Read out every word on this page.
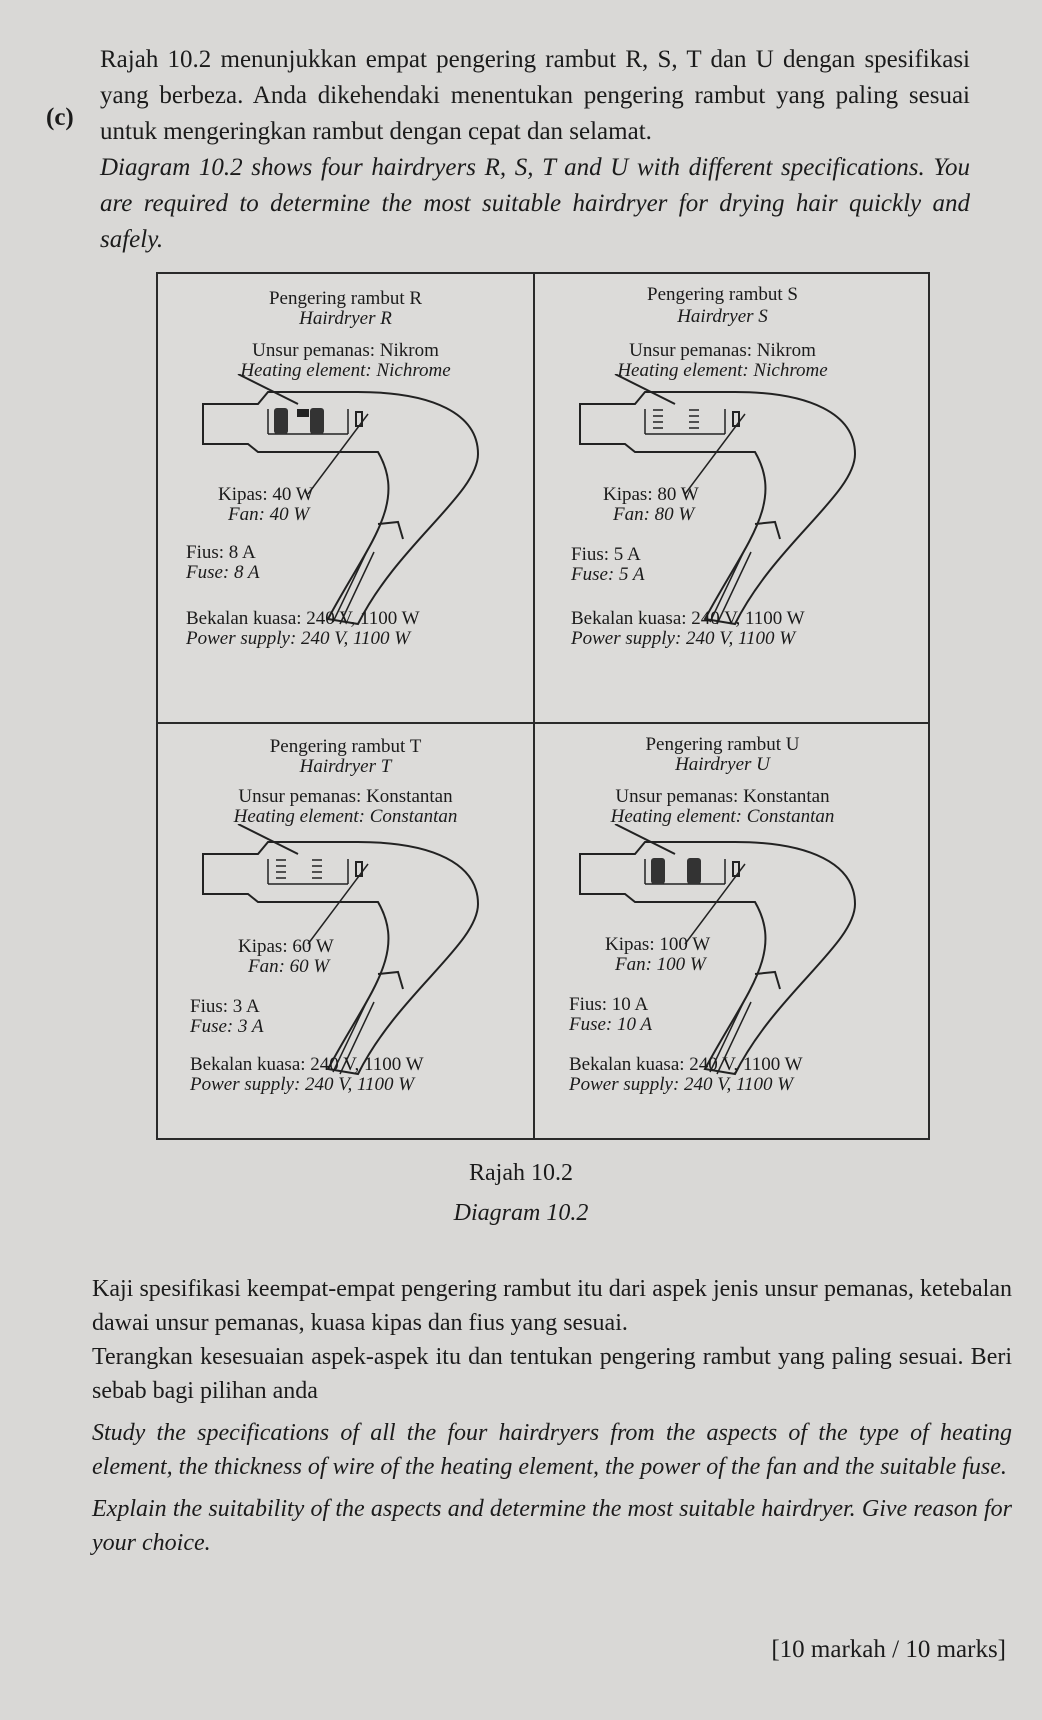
(c)

Rajah 10.2 menunjukkan empat pengering rambut R, S, T dan U dengan spesifikasi yang berbeza. Anda dikehendaki menentukan pengering rambut yang paling sesuai untuk mengeringkan rambut dengan cepat dan selamat.

Diagram 10.2 shows four hairdryers R, S, T and U with different specifications. You are required to determine the most suitable hairdryer for drying hair quickly and safely.

Pengering rambut R
Hairdryer R
Unsur pemanas: Nikrom
Heating element: Nichrome
Kipas: 40 W
Fan: 40 W
Fius: 8 A
Fuse: 8 A
Bekalan kuasa: 240 V, 1100 W
Power supply: 240 V, 1100 W
Pengering rambut S
Hairdryer S
Unsur pemanas: Nikrom
Heating element: Nichrome
Kipas: 80 W
Fan: 80 W
Fius: 5 A
Fuse: 5 A
Bekalan kuasa: 240 V, 1100 W
Power supply: 240 V, 1100 W
Pengering rambut T
Hairdryer T
Unsur pemanas: Konstantan
Heating element: Constantan
Kipas: 60 W
Fan: 60 W
Fius: 3 A
Fuse: 3 A
Bekalan kuasa: 240 V, 1100 W
Power supply: 240 V, 1100 W
Pengering rambut U
Hairdryer U
Unsur pemanas: Konstantan
Heating element: Constantan
Kipas: 100 W
Fan: 100 W
Fius: 10 A
Fuse: 10 A
Bekalan kuasa: 240 V, 1100 W
Power supply: 240 V, 1100 W
Rajah 10.2
Diagram 10.2

Kaji spesifikasi keempat-empat pengering rambut itu dari aspek jenis unsur pemanas, ketebalan dawai unsur pemanas, kuasa kipas dan fius yang sesuai.

Terangkan kesesuaian aspek-aspek itu dan tentukan pengering rambut yang paling sesuai. Beri sebab bagi pilihan anda

Study the specifications of all the four hairdryers from the aspects of the type of heating element, the thickness of wire of the heating element, the power of the fan and the suitable fuse.

Explain the suitability of the aspects and determine the most suitable hairdryer. Give reason for your choice.

[10 markah / 10 marks]
